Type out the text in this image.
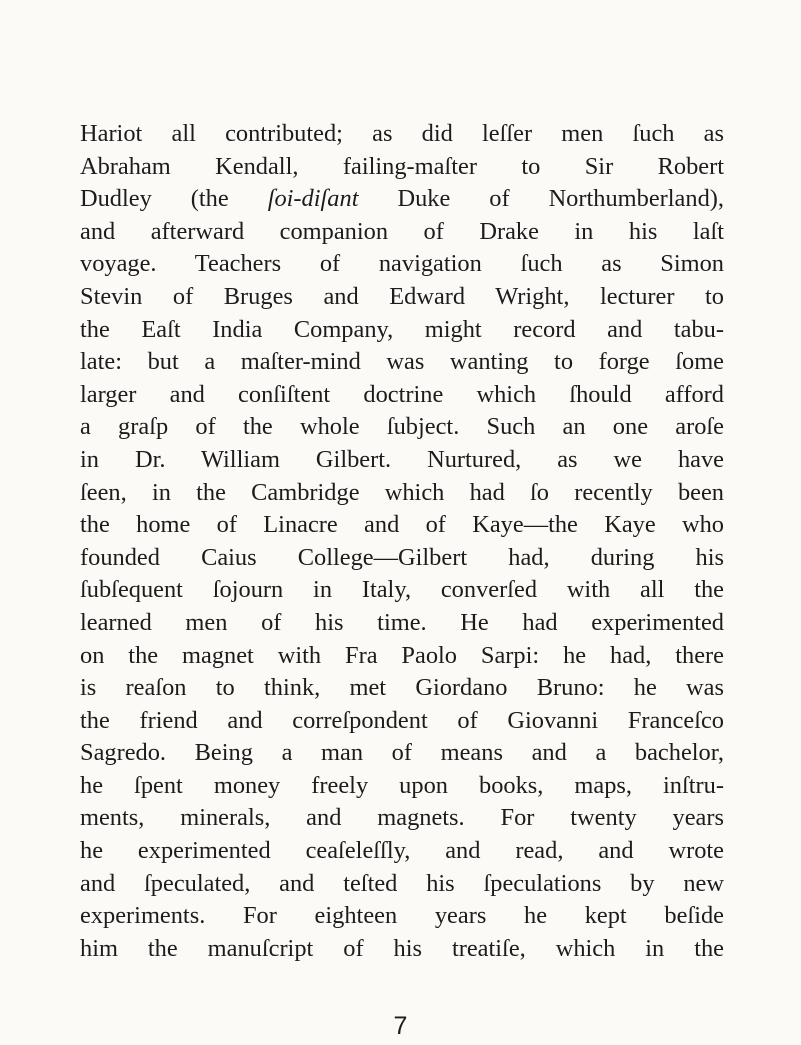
Hariot all contributed; as did leſſer men ſuch as
Abraham Kendall, failing-maſter to Sir Robert
Dudley (the ſoi-diſant Duke of Northumberland),
and afterward companion of Drake in his laſt
voyage. Teachers of navigation ſuch as Simon
Stevin of Bruges and Edward Wright, lecturer to
the Eaſt India Company, might record and tabu-
late: but a maſter-mind was wanting to forge ſome
larger and conſiſtent doctrine which ſhould afford
a graſp of the whole ſubject. Such an one aroſe
in Dr. William Gilbert. Nurtured, as we have
ſeen, in the Cambridge which had ſo recently been
the home of Linacre and of Kaye—the Kaye who
founded Caius College—Gilbert had, during his
ſubſequent ſojourn in Italy, converſed with all the
learned men of his time. He had experimented
on the magnet with Fra Paolo Sarpi: he had, there
is reaſon to think, met Giordano Bruno: he was
the friend and correſpondent of Giovanni Franceſco
Sagredo. Being a man of means and a bachelor,
he ſpent money freely upon books, maps, inſtru-
ments, minerals, and magnets. For twenty years
he experimented ceaſeleſſly, and read, and wrote
and ſpeculated, and teſted his ſpeculations by new
experiments. For eighteen years he kept beſide
him the manuſcript of his treatiſe, which in the
7
